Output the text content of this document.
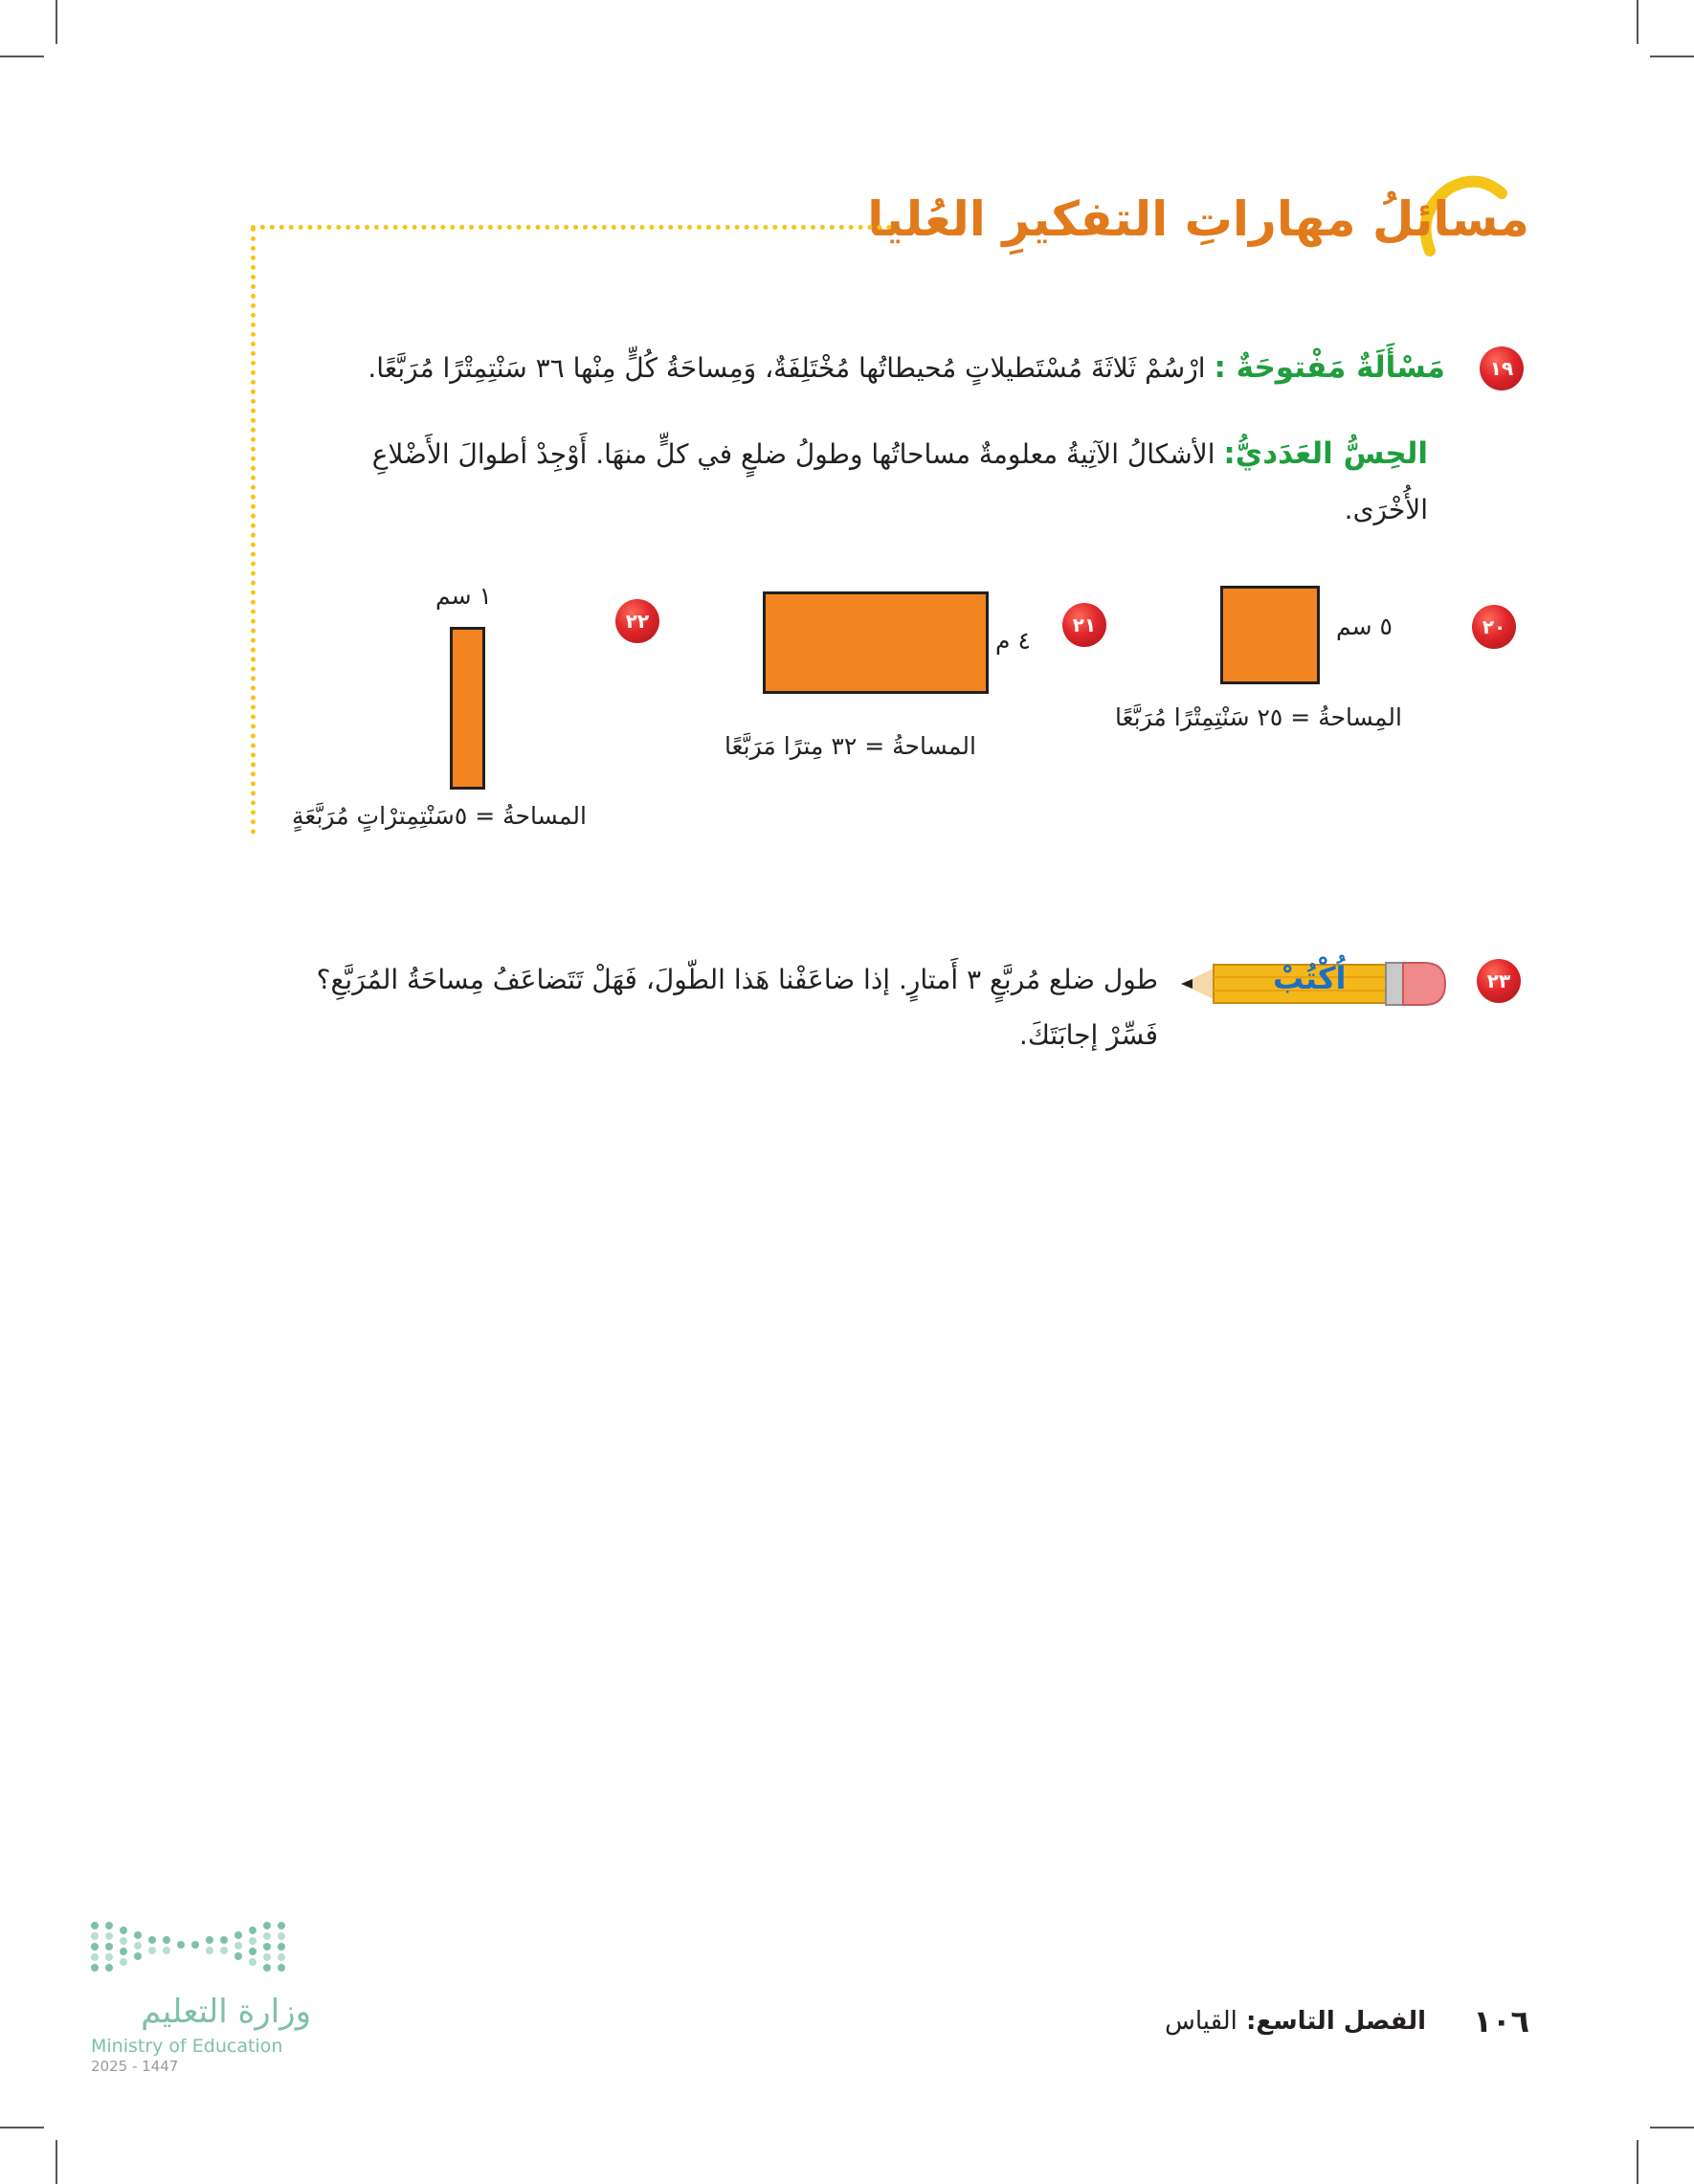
مسائلُ مهاراتِ التفكيرِ العُليا
١٩
مَسْأَلَةٌ مَفْتوحَةٌ : ارْسُمْ ثَلاثَةَ مُسْتَطيلاتٍ مُحيطاتُها مُخْتَلِفَةٌ، وَمِساحَةُ كُلٍّ مِنْها ٣٦ سَنْتِمِتْرًا مُرَبَّعًا.
الحِسُّ العَدَديُّ: الأشكالُ الآتِيةُ معلومةٌ مساحاتُها وطولُ ضلعٍ في كلٍّ منهَا. أَوْجِدْ أطوالَ الأَضْلاعِ
الأُخْرَى.
٢٠
٥ سم
المِساحةُ = ٢٥ سَنْتِمِتْرًا مُرَبَّعًا
٢١
٤ م
المساحةُ = ٣٢ مِترًا مَرَبَّعًا
٢٢
١ سم
المساحةُ = ٥سَنْتِمِترْاتٍ مُرَبَّعَةٍ
٢٣
اُكْتُبْ
طول ضلع مُربَّعٍ ٣ أَمتارٍ. إذا ضاعَفْنا هَذا الطّولَ، فَهَلْ تَتَضاعَفُ مِساحَةُ المُرَبَّعِ؟
فَسِّرْ إجابَتَكَ.
وزارة التعليم
Ministry of Education
2025 - 1447
١٠٦
الفصل التاسع: القياس
